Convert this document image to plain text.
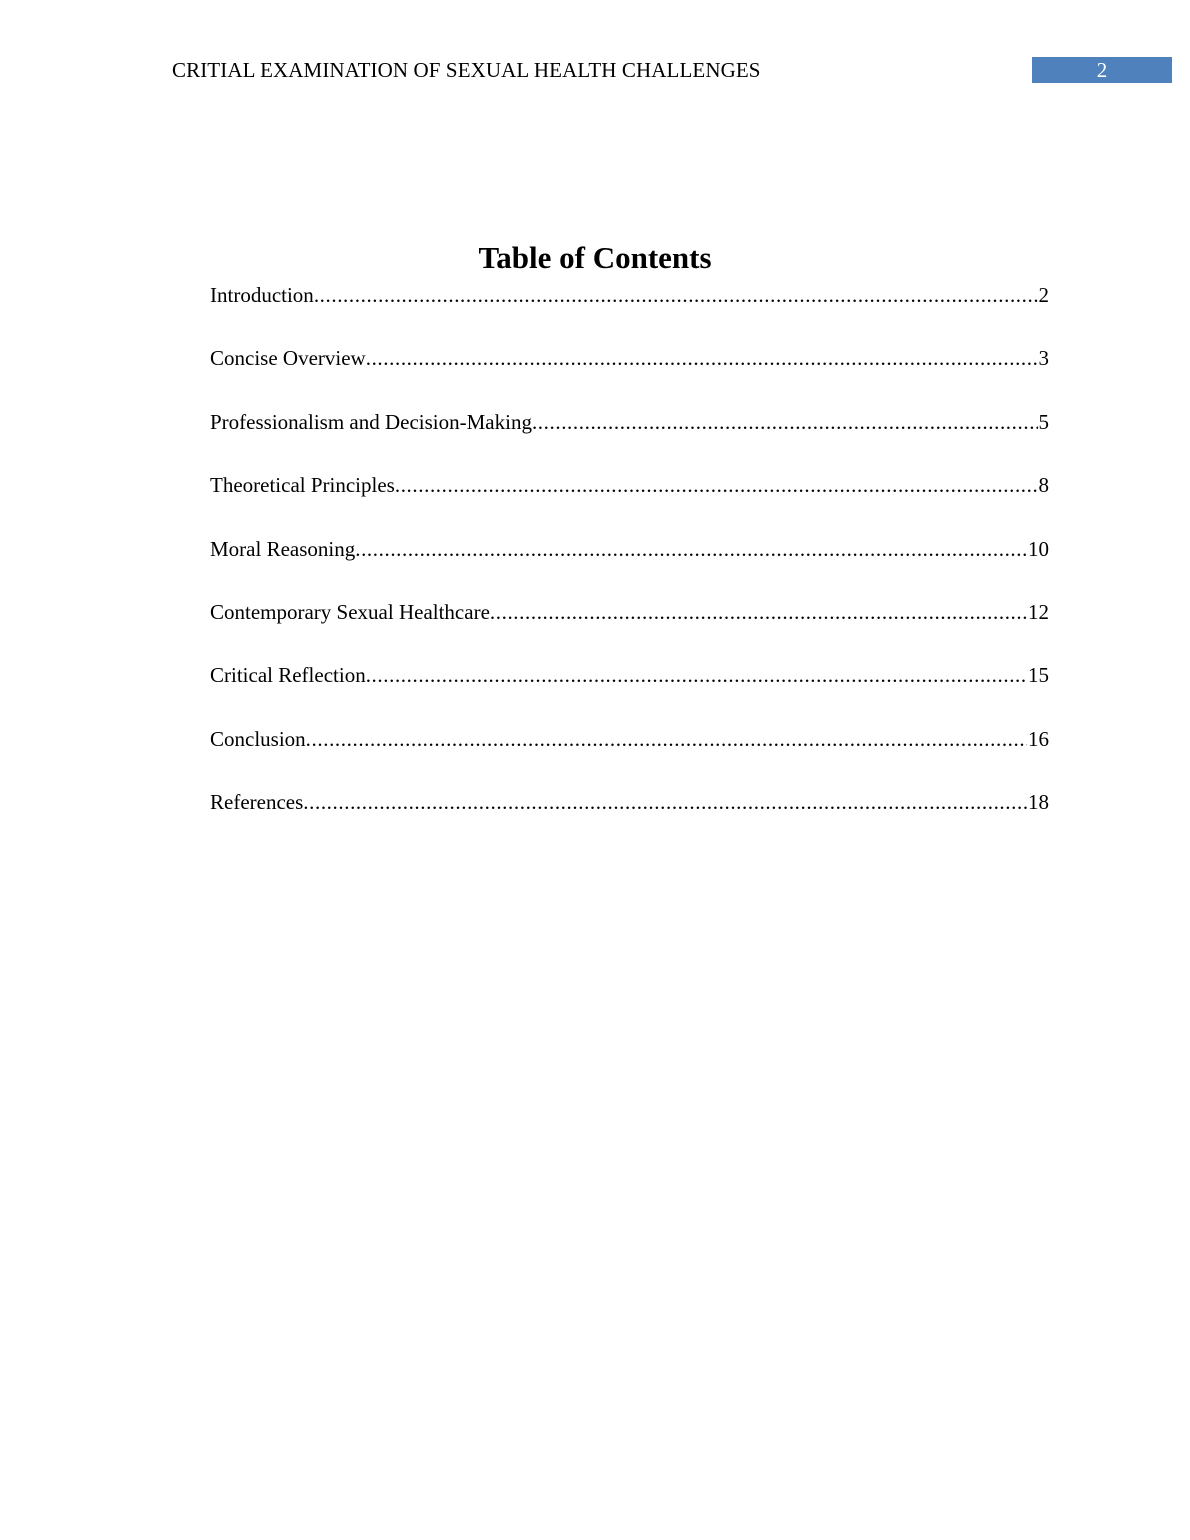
CRITIAL EXAMINATION OF SEXUAL HEALTH CHALLENGES	2
Table of Contents
Introduction .....	2
Concise Overview .....	3
Professionalism and Decision-Making .....	5
Theoretical Principles .....	8
Moral Reasoning .....	10
Contemporary Sexual Healthcare .....	12
Critical Reflection .....	15
Conclusion .....	16
References .....	18
